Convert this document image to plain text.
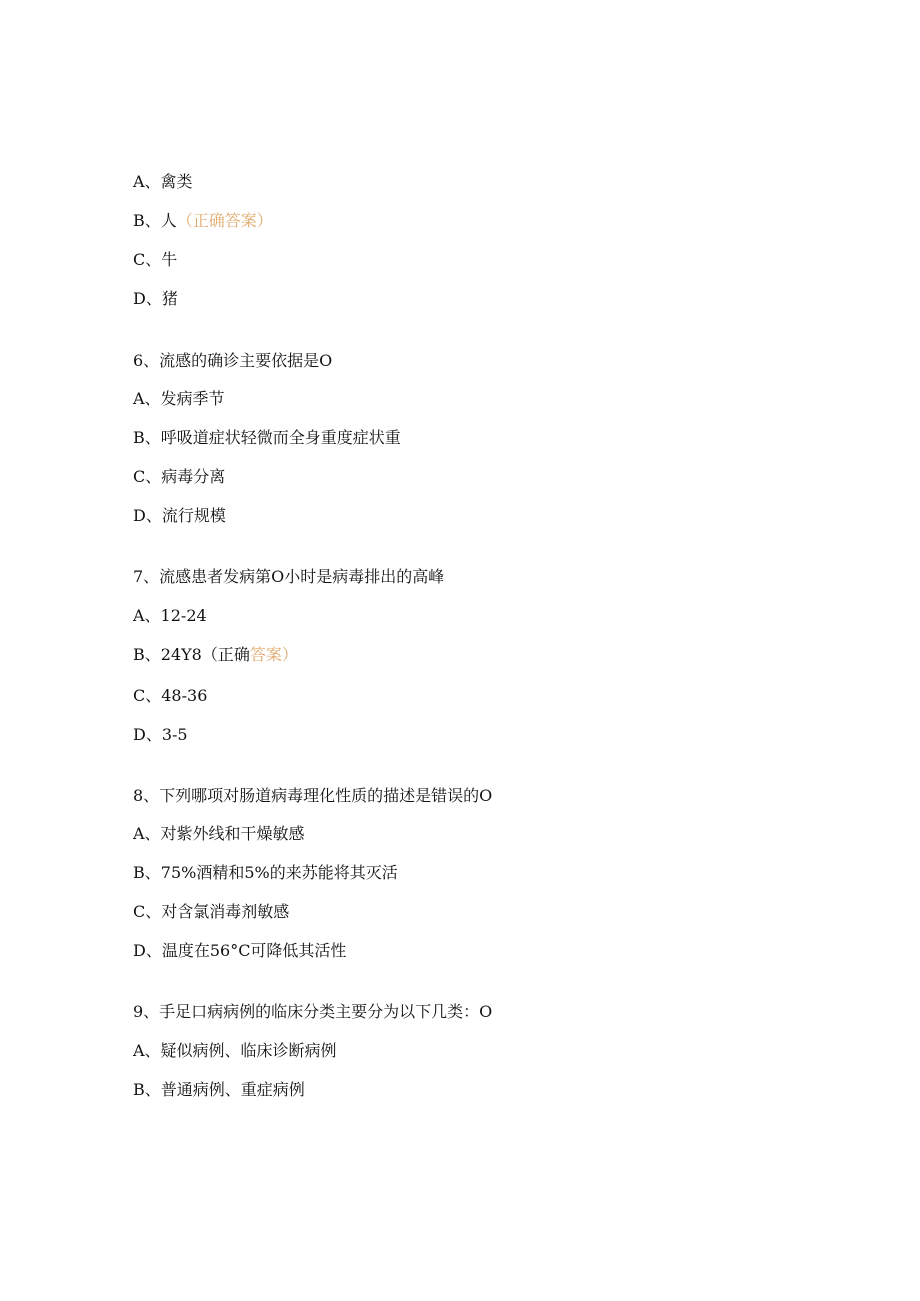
A、禽类
B、人（正确答案）
C、牛
D、猪
6、流感的确诊主要依据是O
A、发病季节
B、呼吸道症状轻微而全身重度症状重
C、病毒分离
D、流行规模
7、流感患者发病第O小时是病毒排出的高峰
A、12-24
B、24Y8（正确答案）
C、48-36
D、3-5
8、下列哪项对肠道病毒理化性质的描述是错误的O
A、对紫外线和干燥敏感
B、75%酒精和5%的来苏能将其灭活
C、对含氯消毒剂敏感
D、温度在56°C可降低其活性
9、手足口病病例的临床分类主要分为以下几类：O
A、疑似病例、临床诊断病例
B、普通病例、重症病例
